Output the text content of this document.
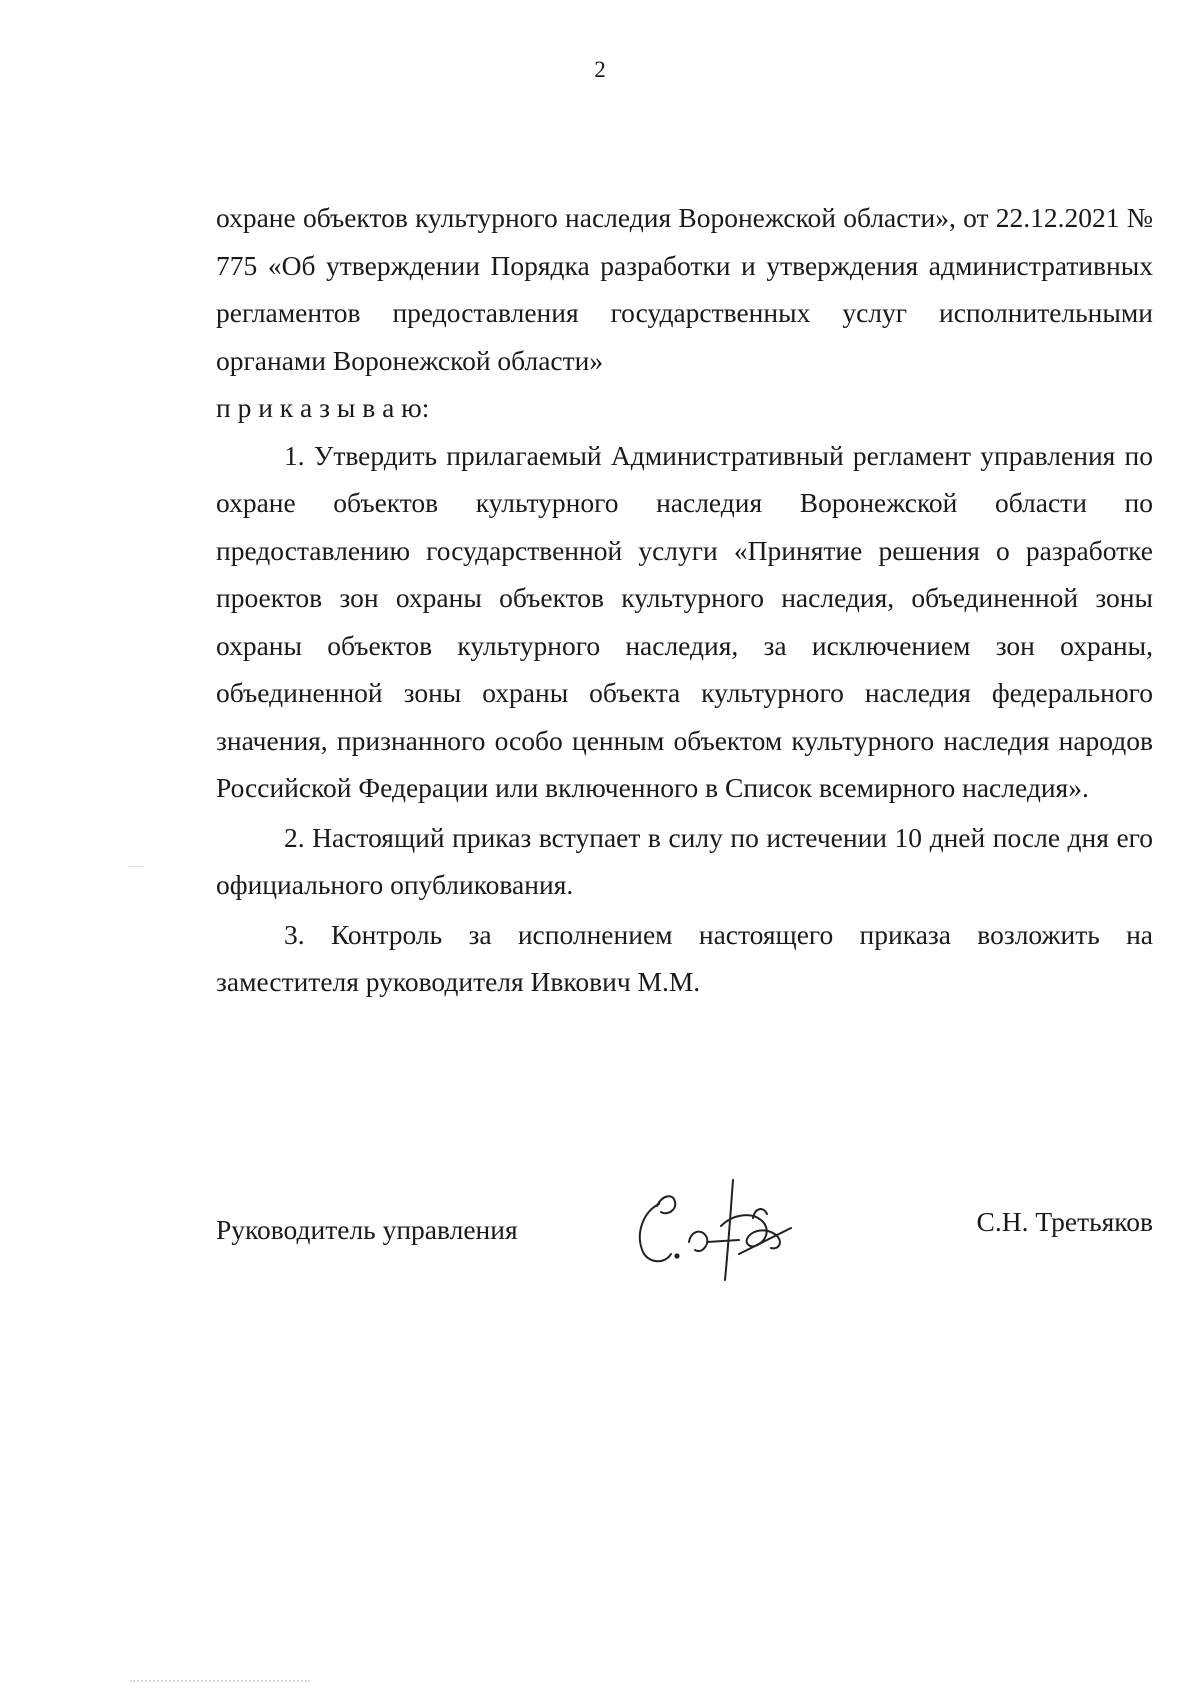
2

охране объектов культурного наследия Воронежской области», от 22.12.2021 № 775 «Об утверждении Порядка разработки и утверждения административных регламентов предоставления государственных услуг исполнительными органами Воронежской области»

п р и к а з ы в а ю:

1. Утвердить прилагаемый Административный регламент управления по охране объектов культурного наследия Воронежской области по предоставлению государственной услуги «Принятие решения о разработке проектов зон охраны объектов культурного наследия, объединенной зоны охраны объектов культурного наследия, за исключением зон охраны, объединенной зоны охраны объекта культурного наследия федерального значения, признанного особо ценным объектом культурного наследия народов Российской Федерации или включенного в Список всемирного наследия».

2. Настоящий приказ вступает в силу по истечении 10 дней после дня его официального опубликования.

3. Контроль за исполнением настоящего приказа возложить на заместителя руководителя Ивкович М.М.

Руководитель управления	С.Н. Третьяков
